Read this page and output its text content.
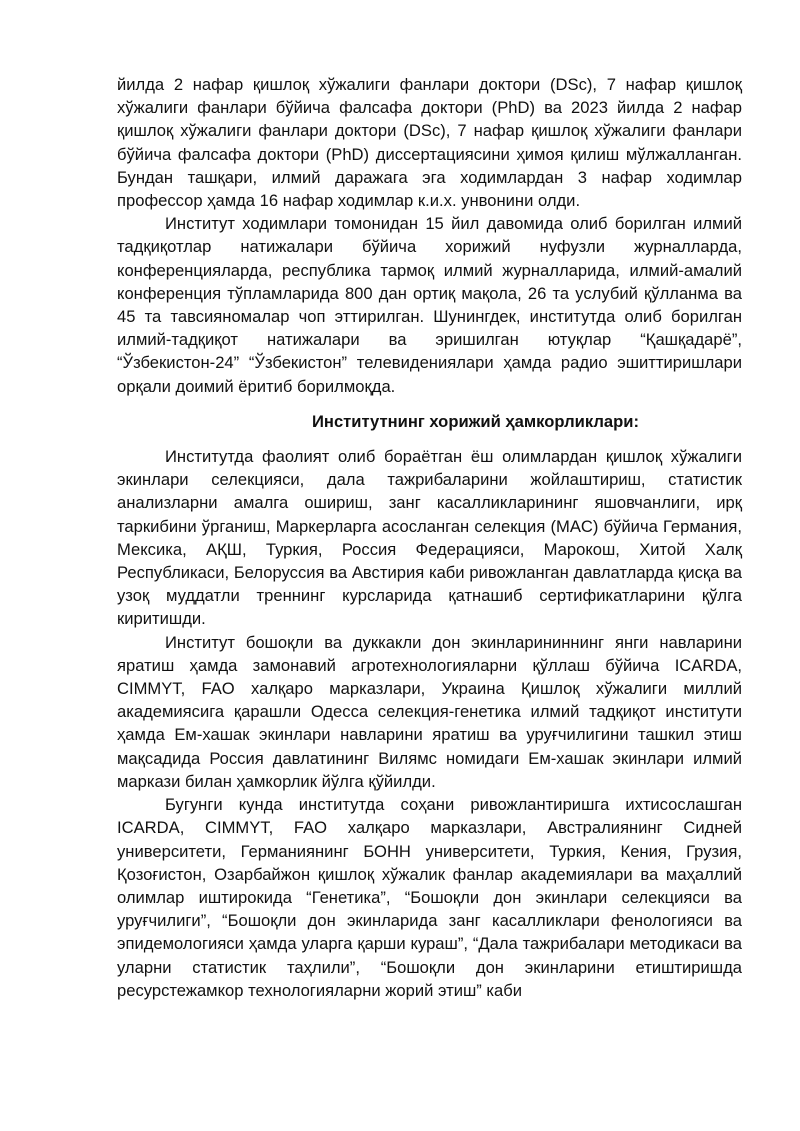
йилда 2 нафар қишлоқ хўжалиги фанлари доктори (DSc), 7 нафар қишлоқ хўжалиги фанлари бўйича фалсафа доктори (PhD) ва 2023 йилда 2 нафар қишлоқ хўжалиги фанлари доктори (DSc), 7 нафар қишлоқ хўжалиги фанлари бўйича фалсафа доктори (PhD) диссертациясини ҳимоя қилиш мўлжалланган. Бундан ташқари, илмий даражага эга ходимлардан 3 нафар ходимлар профессор ҳамда 16 нафар ходимлар к.и.х. унвонини олди.

Институт ходимлари томонидан 15 йил давомида олиб борилган илмий тадқиқотлар натижалари бўйича хорижий нуфузли журналларда, конференцияларда, республика тармоқ илмий журналларида, илмий-амалий конференция тўпламларида 800 дан ортиқ мақола, 26 та услубий қўлланма ва 45 та тавсияномалар чоп эттирилган. Шунингдек, институтда олиб борилган илмий-тадқиқот натижалари ва эришилган ютуқлар “Қашқадарё”, “Ўзбекистон-24” “Ўзбекистон” телевидениялари ҳамда радио эшиттиришлари орқали доимий ёритиб борилмоқда.

Институтнинг хорижий ҳамкорликлари:

Институтда фаолият олиб бораётган ёш олимлардан қишлоқ хўжалиги экинлари селекцияси, дала тажрибаларини жойлаштириш, статистик анализларни амалга ошириш, занг касалликларининг яшовчанлиги, ирқ таркибини ўрганиш, Маркерларга асосланган селекция (MAC) бўйича Германия, Мексика, АҚШ, Туркия, Россия Федерацияси, Марокош, Хитой Халқ Республикаси, Белоруссия ва Австирия каби ривожланган давлатларда қисқа ва узоқ муддатли треннинг курсларида қатнашиб сертификатларини қўлга киритишди.

Институт бошоқли ва дуккакли дон экинларининнинг янги навларини яратиш ҳамда замонавий агротехнологияларни қўллаш бўйича ICARDA, CIMMYT, FAO халқаро марказлари, Украина Қишлоқ хўжалиги миллий академиясига қарашли Одесса селекция-генетика илмий тадқиқот институти ҳамда Ем-хашак экинлари навларини яратиш ва уруғчилигини ташкил этиш мақсадида Россия давлатининг Вилямс номидаги Ем-хашак экинлари илмий маркази билан ҳамкорлик йўлга қўйилди.

Бугунги кунда институтда соҳани ривожлантиришга ихтисослашган ICARDA, CIMMYT, FAO халқаро марказлари, Австралиянинг Сидней университети, Германиянинг БОНН университети, Туркия, Кения, Грузия, Қозоғистон, Озарбайжон қишлоқ хўжалик фанлар академиялари ва маҳаллий олимлар иштирокида “Генетика”, “Бошоқли дон экинлари селекцияси ва уруғчилиги”, “Бошоқли дон экинларида занг касалликлари фенологияси ва эпидемологияси ҳамда уларга қарши кураш”, “Дала тажрибалари методикаси ва уларни статистик таҳлили”, “Бошоқли дон экинларини етиштиришда ресурстежамкор технологияларни жорий этиш” каби
